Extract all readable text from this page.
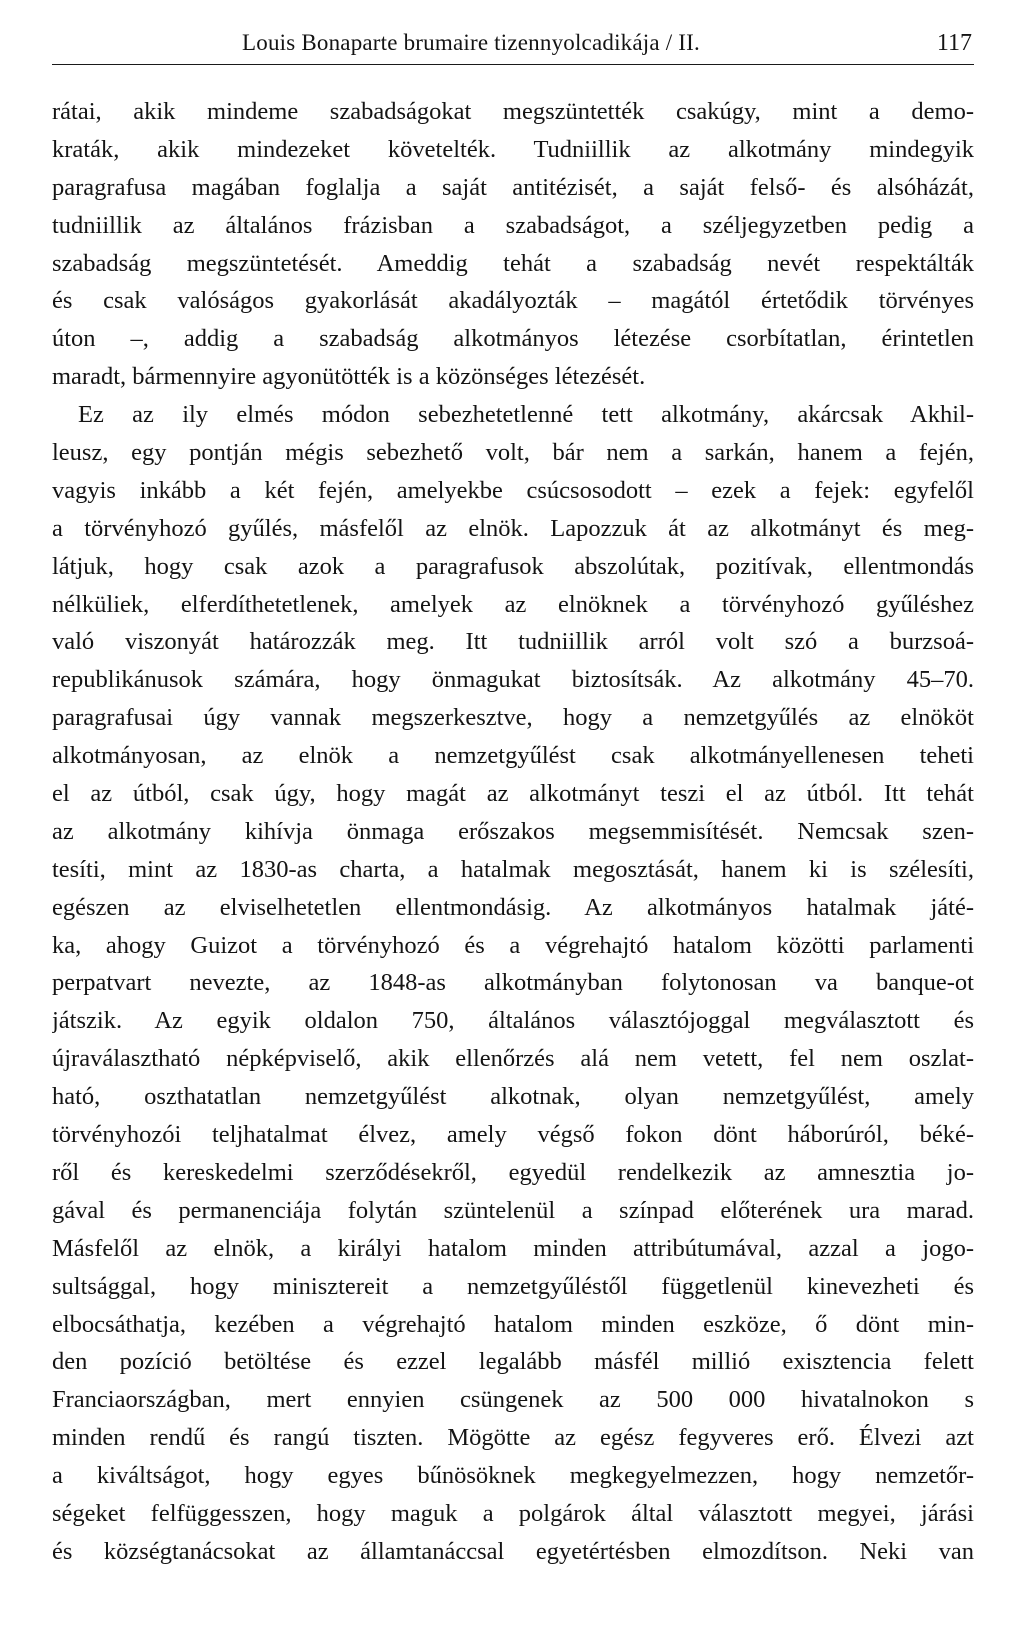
Louis Bonaparte brumaire tizennyolcadikája / II.	117
rátai, akik mindeme szabadságokat megszüntették csakúgy, mint a demo-
kraták, akik mindezeket követelték. Tudniillik az alkotmány mindegyik
paragrafusa magában foglalja a saját antitézisét, a saját felső- és alsóházát,
tudniillik az általános frázisban a szabadságot, a széljegyzetben pedig a
szabadság megszüntetését. Ameddig tehát a szabadság nevét respektálták
és csak valóságos gyakorlását akadályozták – magától értetődik törvényes
úton –, addig a szabadság alkotmányos létezése csorbítatlan, érintetlen
maradt, bármennyire agyonütötték is a közönséges létezését.
Ez az ily elmés módon sebezhetetlenné tett alkotmány, akárcsak Akhil-
leusz, egy pontján mégis sebezhető volt, bár nem a sarkán, hanem a fején,
vagyis inkább a két fején, amelyekbe csúcsosodott – ezek a fejek: egyfelől
a törvényhozó gyűlés, másfelől az elnök. Lapozzuk át az alkotmányt és meg-
látjuk, hogy csak azok a paragrafusok abszolútak, pozitívak, ellentmondás
nélküliek, elferdíthetetlenek, amelyek az elnöknek a törvényhozó gyűléshez
való viszonyát határozzák meg. Itt tudniillik arról volt szó a burzsoá-
republikánusok számára, hogy önmagukat biztosítsák. Az alkotmány 45–70.
paragrafusai úgy vannak megszerkesztve, hogy a nemzetgyűlés az elnököt
alkotmányosan, az elnök a nemzetgyűlést csak alkotmányellenesen teheti
el az útból, csak úgy, hogy magát az alkotmányt teszi el az útból. Itt tehát
az alkotmány kihívja önmaga erőszakos megsemmisítését. Nemcsak szen-
tesíti, mint az 1830-as charta, a hatalmak megosztását, hanem ki is szélesíti,
egészen az elviselhetetlen ellentmondásig. Az alkotmányos hatalmak játé-
ka, ahogy Guizot a törvényhozó és a végrehajtó hatalom közötti parlamenti
perpatvart nevezte, az 1848-as alkotmányban folytonosan va banque-ot
játszik. Az egyik oldalon 750, általános választójoggal megválasztott és
újraválasztható népképviselő, akik ellenőrzés alá nem vetett, fel nem oszlat-
ható, oszthatatlan nemzetgyűlést alkotnak, olyan nemzetgyűlést, amely
törvényhozói teljhatalmat élvez, amely végső fokon dönt háborúról, béké-
ről és kereskedelmi szerződésekről, egyedül rendelkezik az amnesztia jo-
gával és permanenciája folytán szüntelenül a színpad előterének ura marad.
Másfelől az elnök, a királyi hatalom minden attribútumával, azzal a jogo-
sultsággal, hogy minisztereit a nemzetgyűléstől függetlenül kinevezheti és
elbocsáthatja, kezében a végrehajtó hatalom minden eszköze, ő dönt min-
den pozíció betöltése és ezzel legalább másfél millió exisztencia felett
Franciaországban, mert ennyien csüngenek az 500 000 hivatalnokon s
minden rendű és rangú tiszten. Mögötte az egész fegyveres erő. Élvezi azt
a kiváltságot, hogy egyes bűnösöknek megkegyelmezzen, hogy nemzetőr-
ségeket felfüggesszen, hogy maguk a polgárok által választott megyei, járási
és községtanácsokat az államtanáccsal egyetértésben elmozdítson. Neki van
